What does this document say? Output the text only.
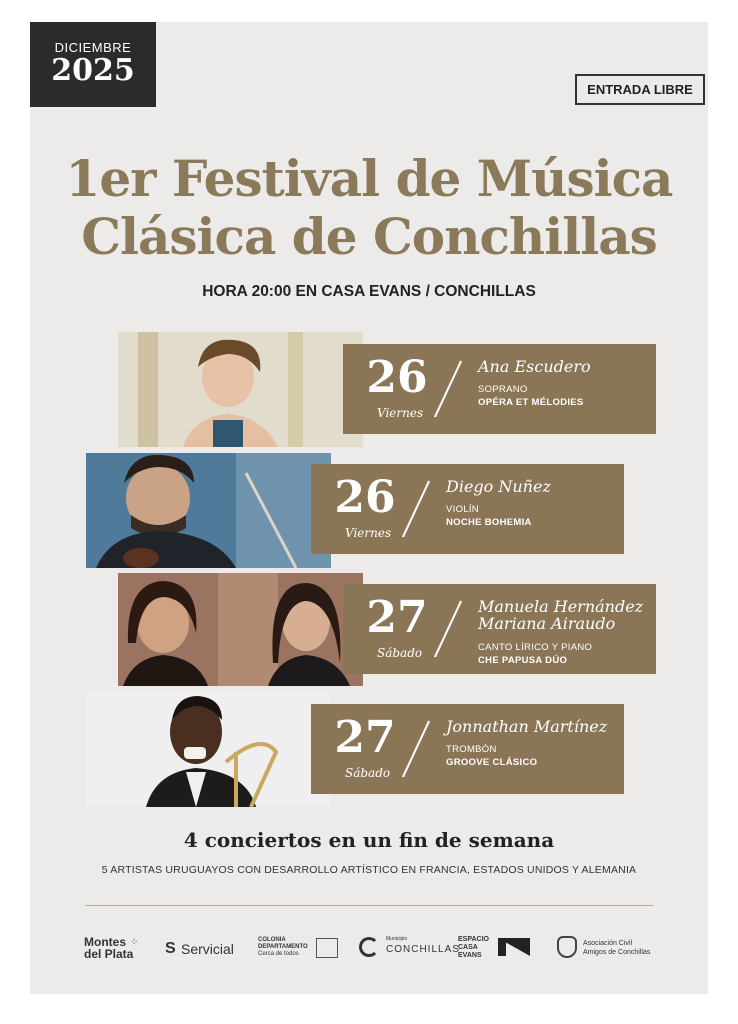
DICIEMBRE
2025
ENTRADA LIBRE
1er Festival de Música
Clásica de Conchillas
HORA 20:00 EN CASA EVANS / CONCHILLAS
26
Viernes
Ana Escudero
SOPRANO
OPÉRA ET MÉLODIES
26
Viernes
Diego Nuñez
VIOLÍN
NOCHE BOHEMIA
27
Sábado
Manuela Hernández
Mariana Airaudo
CANTO LÍRICO Y PIANO
CHE PAPUSA DÚO
27
Sábado
Jonnathan Martínez
TROMBÓN
GROOVE CLÁSICO
4 conciertos en un fin de semana
5 ARTISTAS URUGUAYOS CON DESARROLLO ARTÍSTICO EN FRANCIA, ESTADOS UNIDOS Y ALEMANIA
Montes
del Plata
⁘ S Servicial
COLONIA
DEPARTAMENTO
Cerca de todos
Municipio
CONCHILLAS
ESPACIO
CASA
EVANS
Asociación Civil
Amigos de Conchillas
